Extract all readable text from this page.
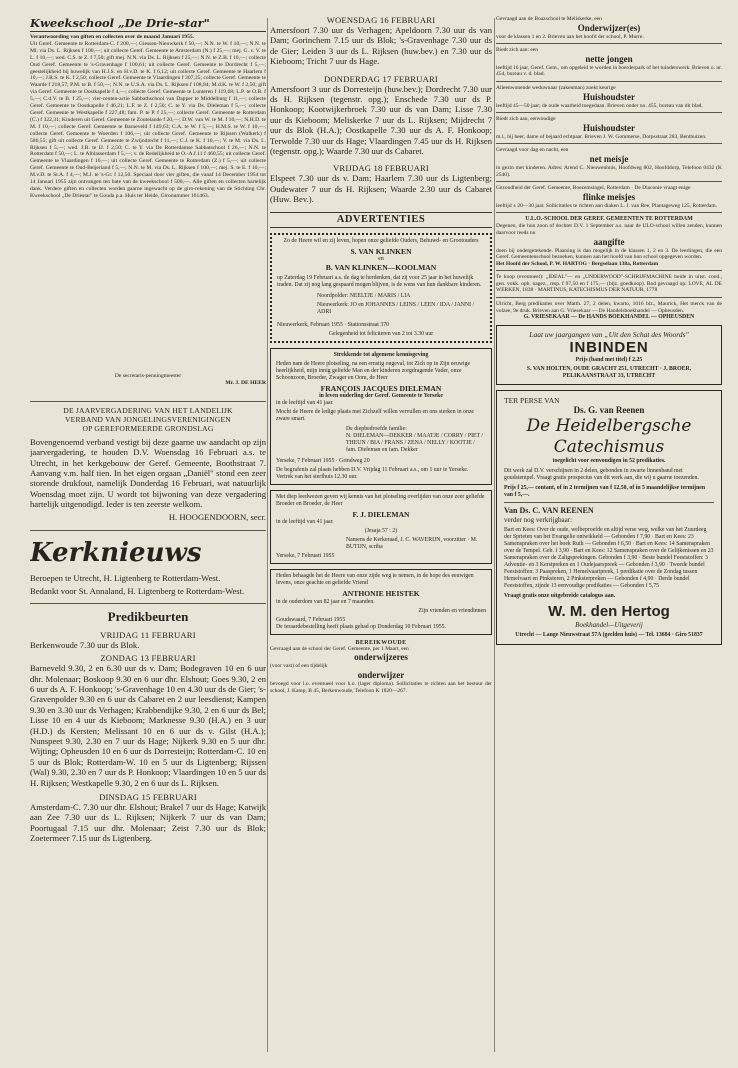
Kweekschool „De Drie-star"

Verantwoording van giften en collecten over de maand Januari 1955.

Uit Geref. Gemeente te Rotterdam-C. f 200,—; Giessen-Nieuwkerk f 50,—; N.N. te W. f 10,—; N.N. te Ml. via Ds. L. Rijksen f 100,—; uit collecte Geref. Gemeente te Amsterdam (N.) f 25,—; mej. G. v. V. te L. f 10,—; wed. C.S. te Z. f 7,50; gift mej. N.N. via Ds. L. Rijksen f 25,—; N.N. te Z.B. f 10,—; collecte Oud Geref. Gemeente te 's-Gravenhage f 100,61; uit collecte Geref. Gemeente te Dordrecht f 5,—; geestelijkheid bij huwelijk van H.J.S. en H.v.D. te K. f 6,12; uit collecte Geref. Gemeente te Haarlem f 10,—; J.R.S. te K. f 2,50; collecte Geref. Gemeente te Vlaardingen f 307,35; collecte Geref. Gemeente te Waarde f 218,57; P.M. te B. f 50,—; N.N. te U.S.A. via Ds. L. Rijksen f 108,84; M.d.K. te W. f 2,50; gift via Geref. Gemeente te Oostkapelle f 4,—; collecte Geref. Gemeente te Lunteren f 119,68; L.P. te O.B. f 5,—; C.d.V. te B. f 25,—; vier-centen-actie Sabbathschool van Dapper te Middelburg f 11,—; collecte Geref. Gemeente te Oostkapelle f 46,21; L.F. te Z. f 2,50; C. te Y. via Ds. Dieleman f 5,—; collecte Geref. Gemeente te Westkapelle f 227,48; fam. P. te P. f 25,—; collecte Geref. Gemeente te Rotterdam (C.) f 322,31; Kinderen uit Geref. Gemeente te Zoutelande f 20,—; D.W. van W. te M. f 10,—; N.H.D. te M. f 10,—; collecte Geref. Gemeente te Barneveld f 149,63; C.A. te W. f 5,—; H.M.S. te W. f 10,—; collecte Geref. Gemeente te Woerden f 106,—; uit collecte Geref. Gemeente te Rijssen (Walkerk) f 586,55; gift uit collecte Geref. Gemeente te Zwijndrecht f 11,—; C.J. te K. f 10,—; V. te M. via Ds. L. Rijksen f 5,—; wed. J.B. te IJ. f 2,50; C. te Y. via De Rotterdamse Sabbatschool f 26,—; N.N. te Rotterdam f 50,—; L. te Alblasserdam f 5,—; v. de Redelijkheid te O.-A.f.11 f 460,55; uit collecte Geref. Gemeente te Vlaardingen f 16,—; uit collecte Geref. Gemeente te Rotterdam (Z.) f 5,—; uit collecte Geref. Gemeente te Oud-Beijerland f 5,—; N.N. te M. via Ds. L. Rijksen f 100,—; mej. S. te E. f 10,—; M.v.D. te St.A. f 4,—; M.J. te 's-Gr. f 12,50. Speciaal door vier giften, die vanaf 14 December 1954 tot 14 Januari 1955 zijn ontvangen ten bate van de kweekschool f 500,—. Alle giften en collecten hartelijk dank. Verdere giften en collecten worden gaarne ingewacht op de giro-rekening van de Stichting Chr. Kweekschool „De Driestar" te Gouda p.a. Huis ter Heide, Gironummer 161463.

De secretaris-penningmeester

Mr. J. DE HEER

DE JAARVERGADERING VAN HET LANDELIJK
VERBAND VAN JONGELINGSVERENIGINGEN
OP GEREFORMEERDE GRONDSLAG

Bovengenoemd verband vestigt bij deze gaarne uw aandacht op zijn jaarvergadering, te houden D.V. Woensdag 16 Februari a.s. te Utrecht, in het kerkgebouw der Geref. Gemeente, Boothstraat 7. Aanvang v.m. half tien. In het eigen orgaan „Daniël" stond een zeer storende drukfout, namelijk Donderdag 16 Februari, wat natuurlijk Woensdag moet zijn. U wordt tot bijwoning van deze vergadering hartelijk uitgenodigd. Ieder is ten zeerste welkom.

H. HOOGENDOORN, secr.

Kerknieuws

Beroepen te Utrecht, H. Ligtenberg te Rotterdam-West.

Bedankt voor St. Annaland, H. Ligtenberg te Rotterdam-West.

Predikbeurten
VRIJDAG 11 FEBRUARI

Berkenwoude 7.30 uur ds Blok.

ZONDAG 13 FEBRUARI

Barneveld 9.30, 2 en 6.30 uur ds v. Dam; Bodegraven 10 en 6 uur dhr. Molenaar; Boskoop 9.30 en 6 uur dhr. Elshout; Goes 9.30, 2 en 6 uur ds A. F. Honkoop; 's-Gravenhage 10 en 4.30 uur ds de Gier; 's-Gravenpolder 9.30 en 6 uur ds Cabaret en 2 uur leesdienst; Kampen 9.30 en 3.30 uur ds Verhagen; Krabbendijke 9.30, 2 en 6 uur ds Bel; Lisse 10 en 4 uur ds Kieboom; Marknesse 9.30 (H.A.) en 3 uur (H.D.) ds Kersten; Melissant 10 en 6 uur ds v. Gilst (H.A.); Nunspeet 9.30, 2.30 en 7 uur ds Hage; Nijkerk 9.30 en 5 uur dhr. Wijting; Opheusden 10 en 6 uur ds Dorresteijn; Rotterdam-C. 10 en 5 uur ds Blok; Rotterdam-W. 10 en 5 uur ds Ligtenberg; Rijssen (Wal) 9.30, 2.30 en 7 uur ds P. Honkoop; Vlaardingen 10 en 5 uur ds H. Rijksen; Westkapelle 9.30, 2 en 6 uur ds L. Rijksen.

DINSDAG 15 FEBRUARI

Amsterdam-C. 7.30 uur dhr. Elshout; Brakel 7 uur ds Hage; Katwijk aan Zee 7.30 uur ds L. Rijksen; Nijkerk 7 uur ds van Dam; Poortugaal 7.15 uur dhr. Molenaar; Zeist 7.30 uur ds Blok; Zoetermeer 7.15 uur ds Ligtenberg.

WOENSDAG 16 FEBRUARI

Amersfoort 7.30 uur ds Verhagen; Apeldoorn 7.30 uur ds van Dam; Gorinchem 7.15 uur ds Blok; 's-Gravenhage 7.30 uur ds de Gier; Leiden 3 uur ds L. Rijksen (huw.bev.) en 7.30 uur ds Kieboom; Tricht 7 uur ds Hage.

DONDERDAG 17 FEBRUARI

Amersfoort 3 uur ds Dorresteijn (huw.bev.); Dordrecht 7.30 uur ds H. Rijksen (tegenstr. opg.); Enschede 7.30 uur ds P. Honkoop; Kootwijkerbroek 7.30 uur ds van Dam; Lisse 7.30 uur ds Kieboom; Meliskerke 7 uur ds L. Rijksen; Mijdrecht 7 uur ds Blok (H.A.); Oostkapelle 7.30 uur ds A. F. Honkoop; Terwolde 7.30 uur ds Hage; Vlaardingen 7.45 uur ds H. Rijksen (tegenstr. opg.); Waarde 7.30 uur ds Cabaret.

VRIJDAG 18 FEBRUARI

Elspeet 7.30 uur ds v. Dam; Haarlem 7.30 uur ds Ligtenberg; Oudewater 7 uur ds H. Rijksen; Waarde 2.30 uur ds Cabaret (Huw. Bev.).

ADVERTENTIES

Zo de Heere wil en zij leven, hopen onze geliefde Ouders, Behuwd- en Grootouders

S. VAN KLINKEN

en

B. VAN KLINKEN—KOOLMAN

op Zaterdag 19 Februari a.s. de dag te herdenken, dat zij voor 25 jaar in het huwelijk traden. Dat zij nog lang gespaard mogen blijven, is de wens van hun dankbare kinderen.

Noordpolder: NEELTJE / MARIS / LIA

Nieuwerkerk: JO en JOHANNES / LEINS / LEEN / IDA / JANNI / ADRI

Nieuwerkerk, Februari 1955 · Stationsstraat 370

Gelegenheid tot feliciteren van 2 tot 3.30 uur

Strekkende tot algemene kennisgeving

Heden nam de Heere plotseling, na een ernstig ongeval, tot Zich op in Zijn eeuwige heerlijkheid, mijn innig geliefde Man en der kinderen zorgdragende Vader, onze Schoonzoon, Broeder, Zwager en Oom, de Heer

FRANÇOIS JACQUES DIELEMAN

in leven ouderling der Geref. Gemeente te Yerseke

in de leeftijd van 41 jaar.

Mocht de Heere de ledige plaats met Zichzelf willen vervullen en ons sterken in onze zware smart.

De diepbedroefde familie:

N. DIELEMAN—DEKKER / MAATJE / CORRY / PIET / THEUN / BIA / FRANS / ZENA / NELLY / KOOTJE / fam. Dieleman en fam. Dekker

Yerseke, 7 Februari 1955 · Grindweg 20

De begrafenis zal plaats hebben D.V. Vrijdag 11 Februari a.s., om 1 uur te Yerseke. Vertrek van het sterfhuis 12.30 uur.

Met diep leedwezen geven wij kennis van het plotseling overlijden van onze zeer geliefde Broeder en Broeder, de Heer

F. J. DIELEMAN

in de leeftijd van 41 jaar.

(Jesaja 57 : 2)

Namens de Kerkeraad, J. C. WAVERIJN, voorzitter · M. BUTIJN, scriba

Yerseke, 7 Februari 1955

Heden behaagde het de Heere van onze zijde weg te nemen, in de hope des eeuwigen levens, onze geachte en geliefde Vriend

ANTHONIE HEISTEK

in de ouderdom van 82 jaar en 7 maanden.

Zijn vrienden en vriendinnen

Goudswaard, 7 Februari 1955

De teraardebestelling heeft plaats gehad op Donderdag 10 Februari 1955.

BEREIKWOUDE

Gevraagd aan de school der Geref. Gemeente, per 1 Maart, een

onderwijzeres

(voor vast) of een tijdelijk

onderwijzer

bevoegd voor l.o. eventueel voor h.o. (lager diploma). Sollicitaties te richten aan het bestuur der school, J. Kamp, B 45, Berkenwoude, Telefoon K 1820—267.

Gevraagd aan de Boazschool te Meliskerke, een

Onderwijzer(es)

voor de klassen 1 en 2. Brieven aan het hoofd der school, P. Murre.

Biedt zich aan: een

nette jongen

leeftijd 16 jaar, Geref. Gem., om opgeleid te worden in boerderpark of het tuinderswerk. Brieven o. nr. 454, bureau v. d. blad.

Alleenwonende weduwnaar (zakenman) zoekt keurige

Huishoudster

leeftijd 45—50 jaar; de oude waarheid toegedaan. Brieven onder no. 455, bureau van dit blad.

Biedt zich aan, eenvoudige

Huishoudster

m.l., bij heer, dame of bejaard echtpaar. Brieven J. W. Gommerse, Dorpsstraat 283, Benthuizen.

Gevraagd voor dag en nacht, een

net meisje

in gezin met kinderen. Adres: Arend C. Nieuwenhuis, Hoofdweg 802, Hoofddorp, Telefoon 0432 (K 2540).

Gezondheid der Geref. Gemeente, Boezemsingel, Rotterdam · De Diaconie vraagt enige

flinke meisjes

leeftijd ± 20—30 jaar. Sollicitaties te richten aan diaken L. J. van Ree, Plantageweg 125, Rotterdam.

U.L.O.-SCHOOL DER GEREF. GEMEENTEN TE ROTTERDAM

Degenen, die hun zoon of dochter D.V. 1 September a.s. naar de ULO-school willen zenden, kunnen daarvoor reeds nu

aangifte

doen bij ondergetekende. Plaatsing is dan mogelijk in de klassen 1, 2 en 3. De leerlingen, die een Geref. Gemeentenschool bezoeken, kunnen aan het hoofd van hun school opgegeven worden.

Het Hoofd der School, P. W. HARTOG · Bergselaan 138a, Rotterdam

Te koop (eventueel): „IDEAL"— en „UNDERWOOD"-SCHRIJFMACHINE beide in uitst. cond., gen. vokk. opb. nagez., resp. f 97,50 en f 175,— (bijz. goedkoop). Bod gevraagd op: LOVE, AL DE WERKEN, 1838 · MARTINUS, KATECHISMUS DER NATUUR, 1778

Ulricht, Berg predikaties over Matth. 27, 2 delen, kwarto, 1016 blz., Maurick, Het merck van de volzee, 9e druk. Brieven aan G. Vriesekaar — De Handelsboekhandel — Opheusden.

G. VRIESEKAAR — De HANDS BOEKHANDEL — OPHEUSDEN

Laat uw jaargangen van „Uit den Schat des Woords"

INBINDEN

Prijs (band met titel) f 2.25

S. VAN HOLTEN, OUDE GRACHT 251, UTRECHT · J. BROER, PELIKAANSTRAAT 33, UTRECHT

TER PERSE VAN

Ds. G. van Reenen

De Heidelbergsche

Catechismus

toegelicht voor eenvoudigen in 52 predikaties.

Dit werk zal D.V. verschijnen in 2 delen, gebonden in zwarte linnenband met goudstempel. Vraagt gratis prospectus van dit werk aan, die wij u gaarne toezenden.

Prijs f 25,— contant, of in 2 termijnen van f 12,50, of in 5 maandelijkse termijnen van f 5,—.

Van Ds. C. VAN REENEN

verder nog verkrijgbaar:

Bart en Kees: Over de oude, welbeproefde en altijd verse weg, welke van het Zuurdeeg der Sprieten van het Evangelie ontwikkeld — Gebonden f 7,90 · Bart en Kees: 23 Samenspraken over het boek Ruth — Gebonden f 6,50 · Bart en Kees: 14 Samenspraken over de Tempel. Geb. f 3,90 · Bart en Kees: 12 Samenspraken over de Gelijkenissen en 23 Samenspraken over de Zaligsprekingen. Gebonden f 3,90 · Beste bundel Feeststoffen: 3 Adventie- en 3 Kerstpreken en 1 Oudejaarspreek — Gebonden f 3,90 · Tweede bundel Feeststoffen: 3 Paaspreken, 1 Hemelvaartpreek, 1 predikatie over de Zondag tussen Hemelvaart en Pinksteren, 2 Pinksterpreken — Gebonden f 4,90 · Derde bundel Feeststoffen, zijnde 13 eenvoudige predikaties — Gebonden f 5,75

Vraagt gratis onze uitgebreide catalogus aan.

W. M. den Hertog

Boekhandel—Uitgeverij

Utrecht — Lange Nieuwstraat 57A (geelden huis) — Tel. 13684 · Giro 51837
